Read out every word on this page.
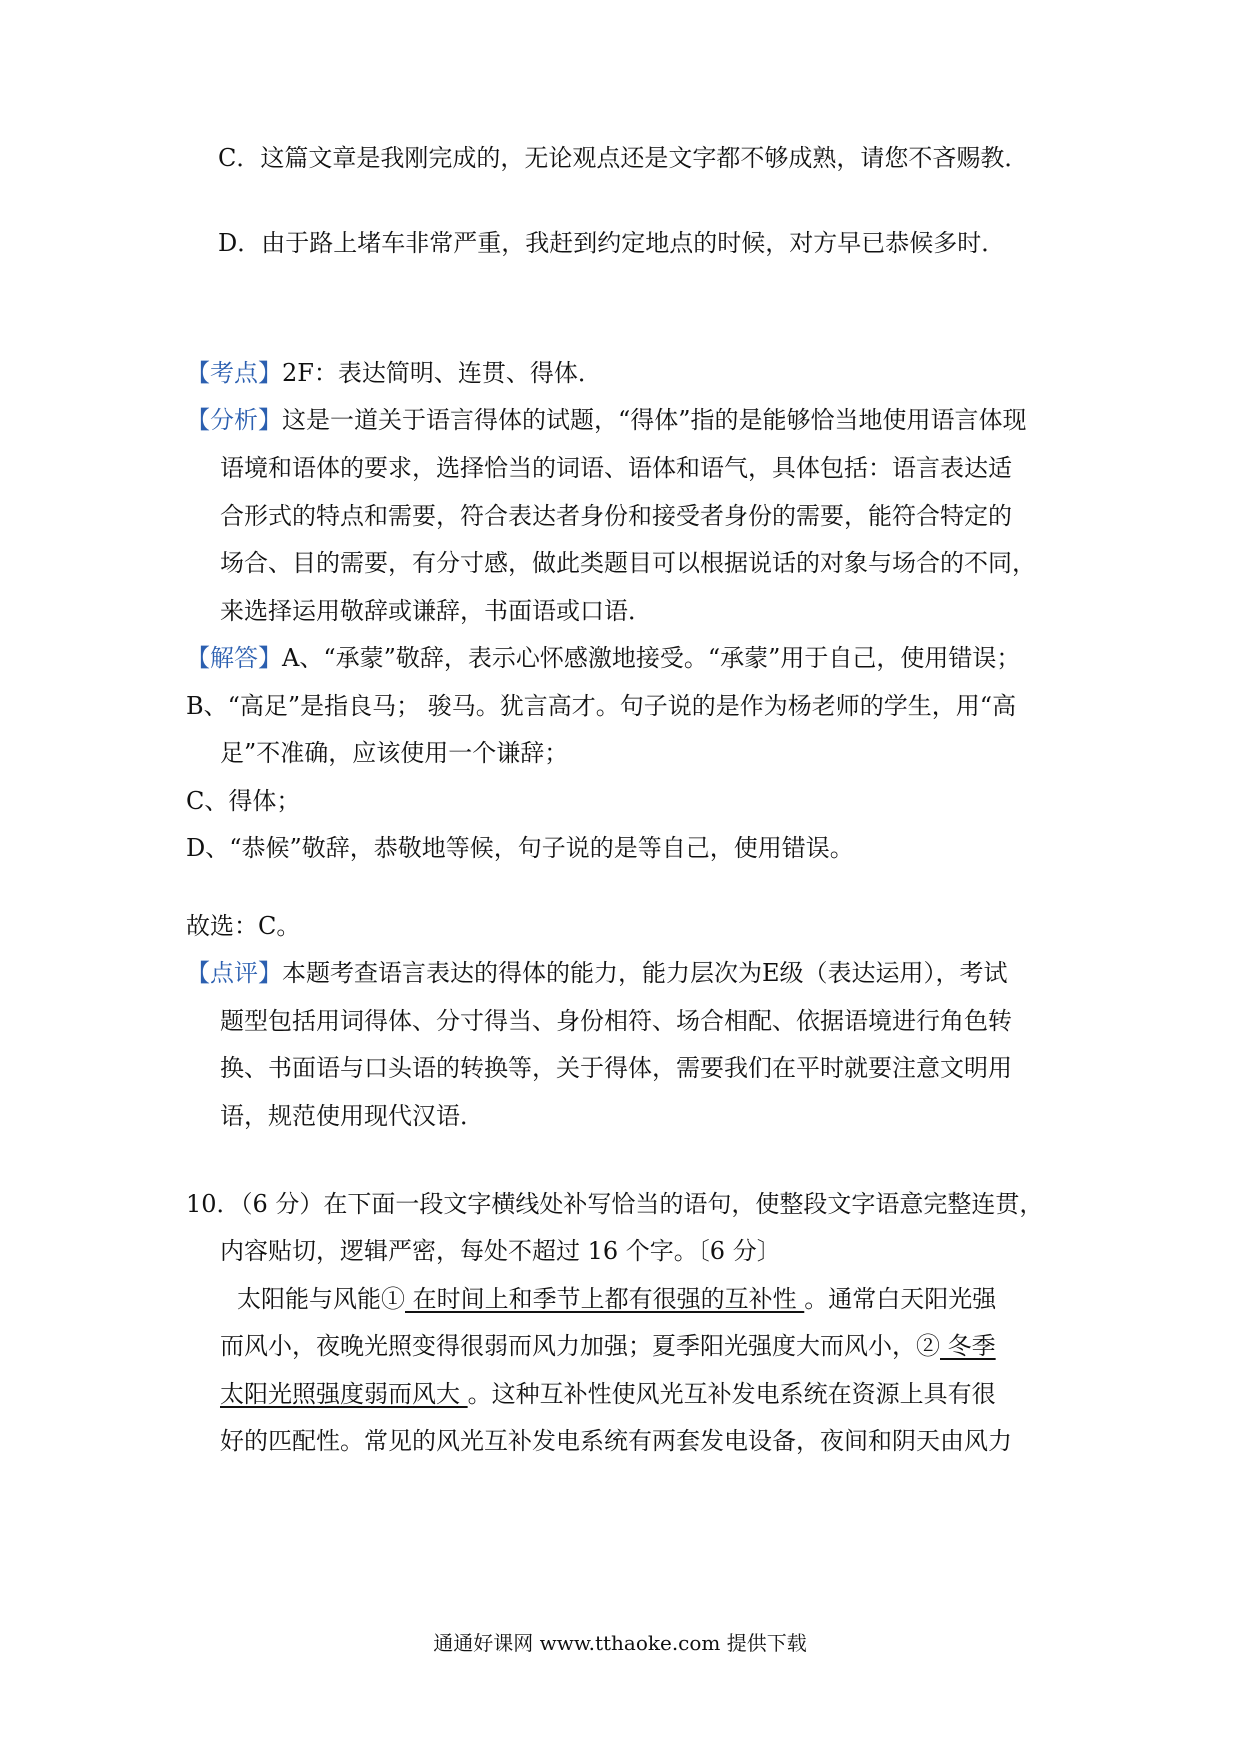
C．这篇文章是我刚完成的，无论观点还是文字都不够成熟，请您不吝赐教．
D．由于路上堵车非常严重，我赶到约定地点的时候，对方早已恭候多时．
【考点】2F：表达简明、连贯、得体．
【分析】这是一道关于语言得体的试题，“得体”指的是能够恰当地使用语言体现
语境和语体的要求，选择恰当的词语、语体和语气，具体包括：语言表达适
合形式的特点和需要，符合表达者身份和接受者身份的需要，能符合特定的
场合、目的需要，有分寸感，做此类题目可以根据说话的对象与场合的不同，
来选择运用敬辞或谦辞，书面语或口语．
【解答】A、“承蒙”敬辞，表示心怀感激地接受。“承蒙”用于自己，使用错误；
B、“高足”是指良马； 骏马。犹言高才。句子说的是作为杨老师的学生，用“高
足”不准确，应该使用一个谦辞；
C、得体；
D、“恭候”敬辞，恭敬地等候，句子说的是等自己，使用错误。
故选：C。
【点评】本题考查语言表达的得体的能力，能力层次为E级（表达运用），考试
题型包括用词得体、分寸得当、身份相符、场合相配、依据语境进行角色转
换、书面语与口头语的转换等，关于得体，需要我们在平时就要注意文明用
语，规范使用现代汉语．
10．（6 分）在下面一段文字横线处补写恰当的语句，使整段文字语意完整连贯，
内容贴切，逻辑严密，每处不超过 16 个字。〔6 分〕
太阳能与风能① 在时间上和季节上都有很强的互补性 。通常白天阳光强
而风小，夜晚光照变得很弱而风力加强；夏季阳光强度大而风小，② 冬季
太阳光照强度弱而风大 。这种互补性使风光互补发电系统在资源上具有很
好的匹配性。常见的风光互补发电系统有两套发电设备，夜间和阴天由风力
通通好课网 www.tthaoke.com 提供下载
